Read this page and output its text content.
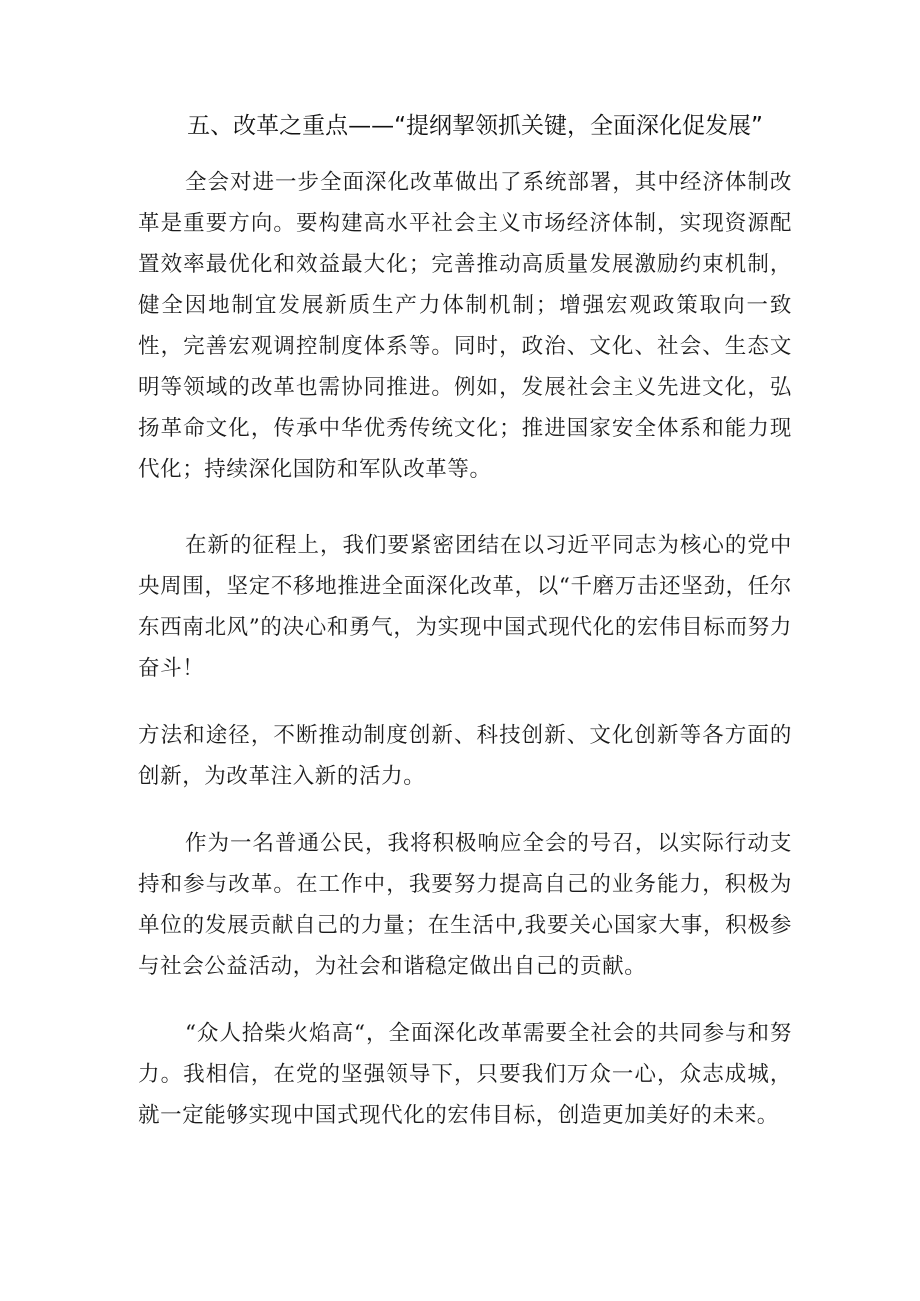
五、改革之重点——“提纲挈领抓关键，全面深化促发展”

全会对进一步全面深化改革做出了系统部署，其中经济体制改革是重要方向。要构建高水平社会主义市场经济体制，实现资源配置效率最优化和效益最大化；完善推动高质量发展激励约束机制，健全因地制宜发展新质生产力体制机制；增强宏观政策取向一致性，完善宏观调控制度体系等。同时，政治、文化、社会、生态文明等领域的改革也需协同推进。例如，发展社会主义先进文化，弘扬革命文化，传承中华优秀传统文化；推进国家安全体系和能力现代化；持续深化国防和军队改革等。

在新的征程上，我们要紧密团结在以习近平同志为核心的党中央周围，坚定不移地推进全面深化改革，以“千磨万击还坚劲，任尔东西南北风”的决心和勇气，为实现中国式现代化的宏伟目标而努力奋斗！

方法和途径，不断推动制度创新、科技创新、文化创新等各方面的创新，为改革注入新的活力。

作为一名普通公民，我将积极响应全会的号召，以实际行动支持和参与改革。在工作中，我要努力提高自己的业务能力，积极为单位的发展贡献自己的力量；在生活中,我要关心国家大事，积极参与社会公益活动，为社会和谐稳定做出自己的贡献。

“众人拾柴火焰高“，全面深化改革需要全社会的共同参与和努力。我相信，在党的坚强领导下，只要我们万众一心，众志成城，就一定能够实现中国式现代化的宏伟目标，创造更加美好的未来。
